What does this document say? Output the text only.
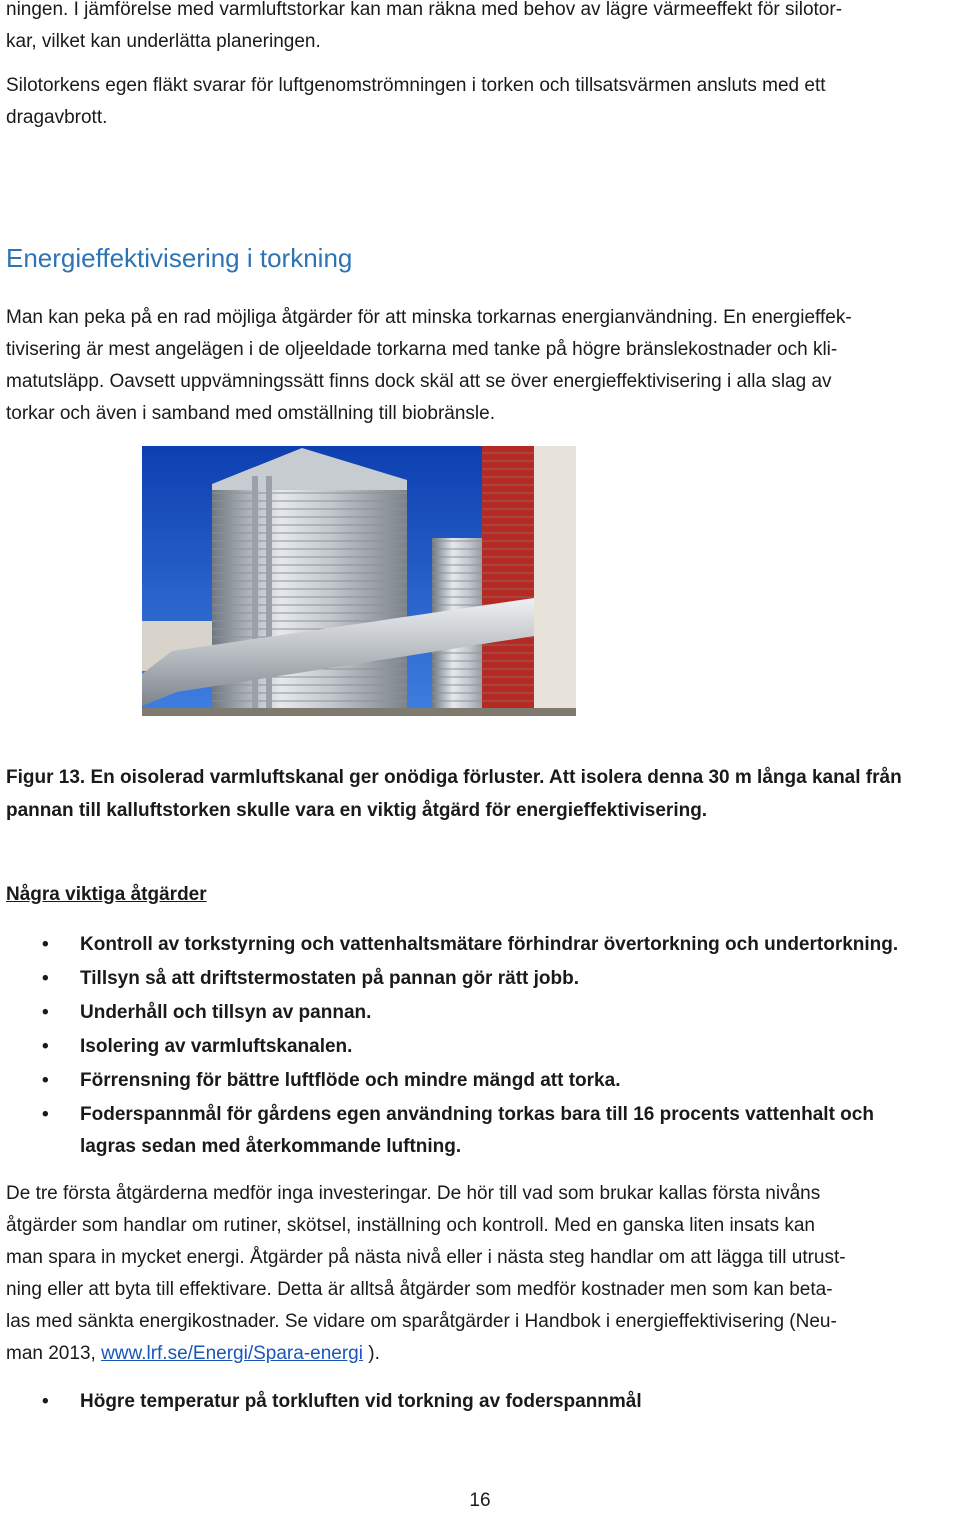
ningen. I jämförelse med varmluftstorkar kan man räkna med behov av lägre värmeeffekt för silotor-
kar, vilket kan underlätta planeringen.

Silotorkens egen fläkt svarar för luftgenomströmningen i torken och tillsatsvärmen ansluts med ett
dragavbrott.

Energieffektivisering i torkning

Man kan peka på en rad möjliga åtgärder för att minska torkarnas energianvändning. En energieffek-
tivisering är mest angelägen i de oljeeldade torkarna med tanke på högre bränslekostnader och kli-
matutsläpp. Oavsett uppvämningssätt finns dock skäl att se över energieffektivisering i alla slag av
torkar och även i samband med omställning till biobränsle.

Figur 13. En oisolerad varmluftskanal ger onödiga förluster. Att isolera denna 30 m långa kanal från
pannan till kalluftstorken skulle vara en viktig åtgärd för energieffektivisering.

Några viktiga åtgärder
• Kontroll av torkstyrning och vattenhaltsmätare förhindrar övertorkning och undertorkning.
• Tillsyn så att driftstermostaten på pannan gör rätt jobb.
• Underhåll och tillsyn av pannan.
• Isolering av varmluftskanalen.
• Förrensning för bättre luftflöde och mindre mängd att torka.
• Foderspannmål för gårdens egen användning torkas bara till 16 procents vattenhalt och
lagras sedan med återkommande luftning.

De tre första åtgärderna medför inga investeringar. De hör till vad som brukar kallas första nivåns
åtgärder som handlar om rutiner, skötsel, inställning och kontroll. Med en ganska liten insats kan
man spara in mycket energi. Åtgärder på nästa nivå eller i nästa steg handlar om att lägga till utrust-
ning eller att byta till effektivare. Detta är alltså åtgärder som medför kostnader men som kan beta-
las med sänkta energikostnader. Se vidare om sparåtgärder i Handbok i energieffektivisering (Neu-
man 2013, www.lrf.se/Energi/Spara-energi ).

• Högre temperatur på torkluften vid torkning av foderspannmål
16
